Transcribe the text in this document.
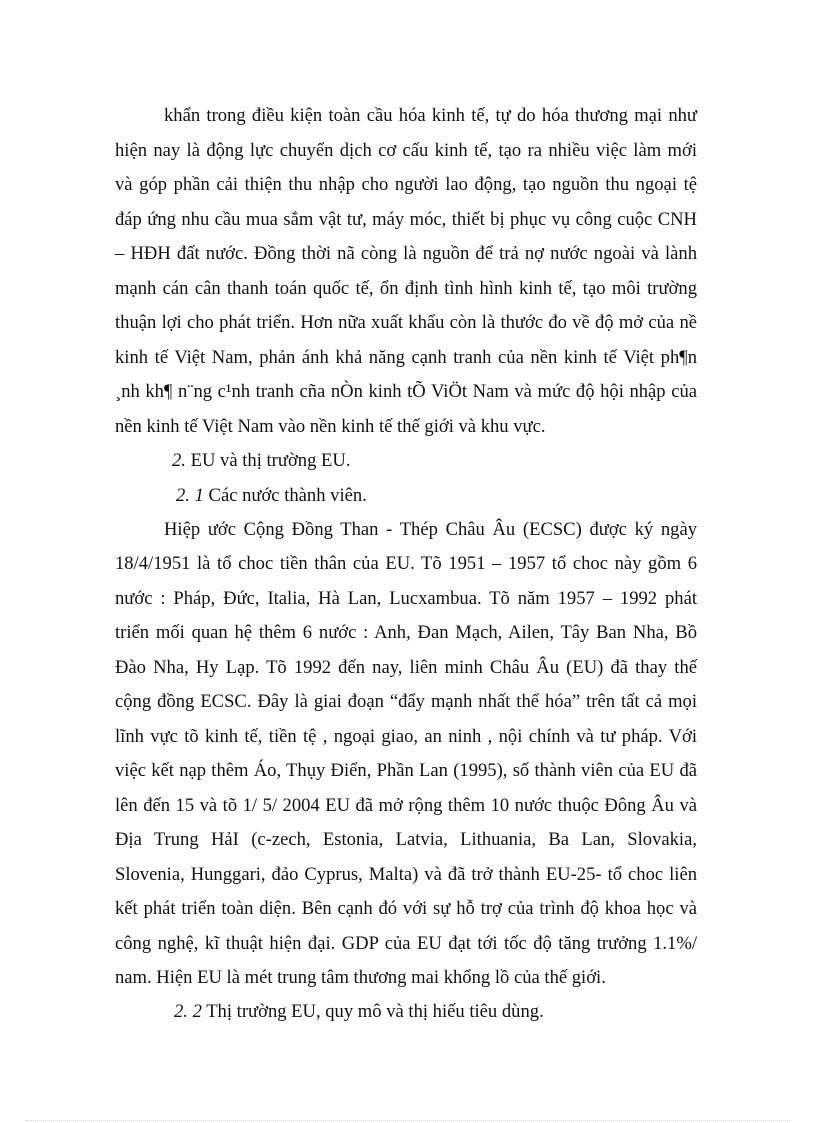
khẩn trong điều kiện toàn cầu hóa kinh tế, tự do hóa thương mại như
hiện nay là động lực chuyển dịch cơ cấu kinh tế, tạo ra nhiều việc làm mới
và góp phần cải thiện thu nhập cho người lao động, tạo nguồn thu ngoại tệ
đáp ứng nhu cầu mua sắm vật tư, máy móc, thiết bị phục vụ công cuộc CNH
– HĐH đất nước. Đồng thời nã còng là nguồn để trả nợ nước ngoài và lành
mạnh cán cân thanh toán quốc tế, ổn định tình hình kinh tế, tạo môi trường
thuận lợi cho phát triển. Hơn nữa xuất khẩu còn là thước đo về độ mở của nề
kinh tế Việt Nam, phản ánh khả năng cạnh tranh của nền kinh tế Việt ph¶n
¸nh kh¶ n¨ng c¹nh tranh cña nÒn kinh tÕ ViÖt Nam và mức độ hội nhập của
nền kinh tế Việt Nam vào nền kinh tế thế giới và khu vực.
2. EU và thị trường EU.
2. 1 Các nước thành viên.
Hiệp ước Cộng Đồng Than - Thép Châu Âu (ECSC) được ký ngày
18/4/1951 là tổ choc tiền thân của EU. Tõ 1951 – 1957 tổ choc này gồm 6
nước : Pháp, Đức, Italia, Hà Lan, Lucxambua. Tõ năm 1957 – 1992 phát
triển mối quan hệ thêm 6 nước : Anh, Đan Mạch, Ailen, Tây Ban Nha, Bồ
Đào Nha, Hy Lạp. Tõ 1992 đến nay, liên minh Châu Âu (EU) đã thay thế
cộng đồng ECSC. Đây là giai đoạn “đẩy mạnh nhất thể hóa” trên tất cả mọi
lĩnh vực tõ kinh tế, tiền tệ , ngoại giao, an ninh , nội chính và tư pháp. Với
việc kết nạp thêm Áo, Thụy Điển, Phần Lan (1995), số thành viên của EU đã
lên đến 15 và tõ 1/ 5/ 2004 EU đã mở rộng thêm 10 nước thuộc Đông Âu và
Địa Trung HảI (c-zech, Estonia, Latvia, Lithuania, Ba Lan, Slovakia,
Slovenia, Hunggari, đảo Cyprus, Malta) và đã trở thành EU-25- tổ choc liên
kết phát triển toàn diện. Bên cạnh đó với sự hỗ trợ của trình độ khoa học và
công nghệ, kĩ thuật hiện đại. GDP của EU đạt tới tốc độ tăng trưởng 1.1%/
nam. Hiện EU là mét trung tâm thương mai khổng lồ của thế giới.
2. 2 Thị trường EU, quy mô và thị hiếu tiêu dùng.
